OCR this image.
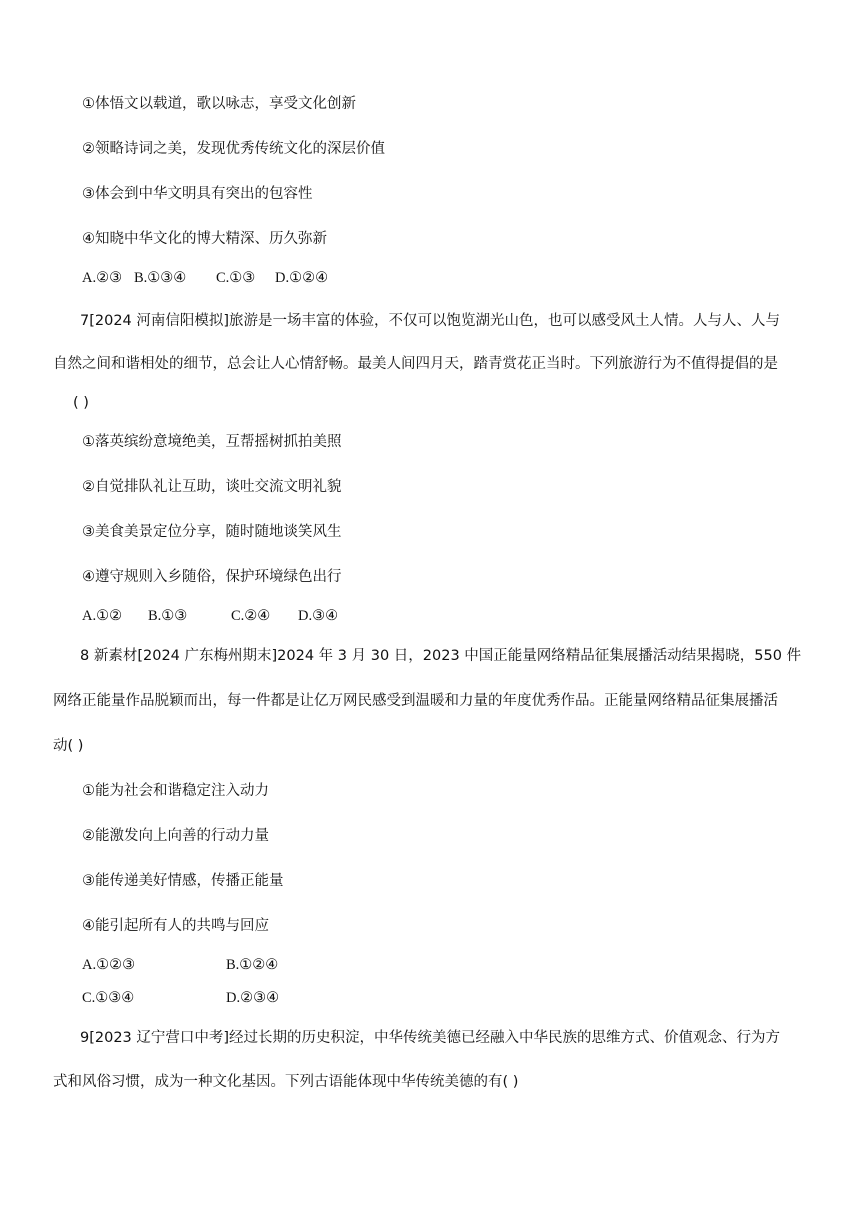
①体悟文以载道，歌以咏志，享受文化创新
②领略诗词之美，发现优秀传统文化的深层价值
③体会到中华文明具有突出的包容性
④知晓中华文化的博大精深、历久弥新
A.②③ B.①③④ C.①③ D.①②④
7[2024 河南信阳模拟]旅游是一场丰富的体验，不仅可以饱览湖光山色，也可以感受风土人情。人与人、人与
自然之间和谐相处的细节，总会让人心情舒畅。最美人间四月天，踏青赏花正当时。下列旅游行为不值得提倡的是
( )
①落英缤纷意境绝美，互帮摇树抓拍美照
②自觉排队礼让互助，谈吐交流文明礼貌
③美食美景定位分享，随时随地谈笑风生
④遵守规则入乡随俗，保护环境绿色出行
A.①② B.①③	C.②④ D.③④
8 新素材[2024 广东梅州期末]2024 年 3 月 30 日，2023 中国正能量网络精品征集展播活动结果揭晓，550 件
网络正能量作品脱颖而出，每一件都是让亿万网民感受到温暖和力量的年度优秀作品。正能量网络精品征集展播活
动( )
①能为社会和谐稳定注入动力
②能激发向上向善的行动力量
③能传递美好情感，传播正能量
④能引起所有人的共鸣与回应
A.①②③	B.①②④
C.①③④	D.②③④
9[2023 辽宁营口中考]经过长期的历史积淀，中华传统美德已经融入中华民族的思维方式、价值观念、行为方
式和风俗习惯，成为一种文化基因。下列古语能体现中华传统美德的有( )
